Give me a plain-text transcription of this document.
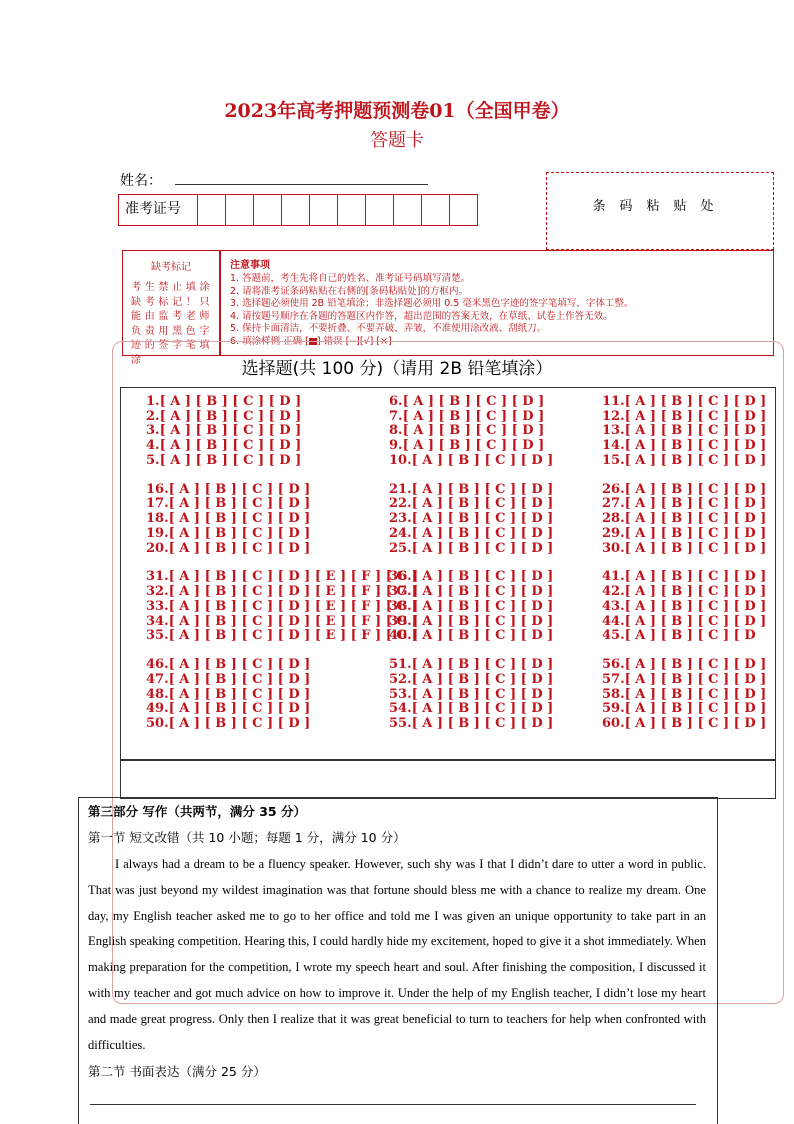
2023年高考押题预测卷01（全国甲卷）
答题卡
姓名：
准考证号	条码粘贴处
缺考标记
考生禁止填涂缺考标记！只能由监考老师负责用黑色字迹的签字笔填涂
注意事项
1. 答题前，考生先将自己的姓名、准考证号码填写清楚。
2. 请将准考证条码粘贴在右侧的[条码粘贴处]的方框内。
3. 选择题必须使用 2B 铅笔填涂；非选择题必须用 0.5 毫米黑色字迹的签字笔填写，字体工整。
4. 请按题号顺序在各题的答题区内作答，超出范围的答案无效，在草纸、试卷上作答无效。
5. 保持卡面清洁，不要折叠、不要弄破、弄皱，不准使用涂改液、刮纸刀。
6. 填涂样例 正确 [ ] 错误 [--][√] [×]
选择题(共 100 分)（请用 2B 铅笔填涂）
1.[ A ] [ B ] [ C ] [ D ]
2.[ A ] [ B ] [ C ] [ D ]
3.[ A ] [ B ] [ C ] [ D ]
4.[ A ] [ B ] [ C ] [ D ]
5.[ A ] [ B ] [ C ] [ D ]
16.[ A ] [ B ] [ C ] [ D ]
17.[ A ] [ B ] [ C ] [ D ]
18.[ A ] [ B ] [ C ] [ D ]
19.[ A ] [ B ] [ C ] [ D ]
20.[ A ] [ B ] [ C ] [ D ]
31.[ A ] [ B ] [ C ] [ D ] [ E ] [ F ] [ G ]
32.[ A ] [ B ] [ C ] [ D ] [ E ] [ F ] [ G ]
33.[ A ] [ B ] [ C ] [ D ] [ E ] [ F ] [ G ]
34.[ A ] [ B ] [ C ] [ D ] [ E ] [ F ] [ G ]
35.[ A ] [ B ] [ C ] [ D ] [ E ] [ F ] [ G ]
46.[ A ] [ B ] [ C ] [ D ]
47.[ A ] [ B ] [ C ] [ D ]
48.[ A ] [ B ] [ C ] [ D ]
49.[ A ] [ B ] [ C ] [ D ]
50.[ A ] [ B ] [ C ] [ D ]
6.[ A ] [ B ] [ C ] [ D ]
7.[ A ] [ B ] [ C ] [ D ]
8.[ A ] [ B ] [ C ] [ D ]
9.[ A ] [ B ] [ C ] [ D ]
10.[ A ] [ B ] [ C ] [ D ]
21.[ A ] [ B ] [ C ] [ D ]
22.[ A ] [ B ] [ C ] [ D ]
23.[ A ] [ B ] [ C ] [ D ]
24.[ A ] [ B ] [ C ] [ D ]
25.[ A ] [ B ] [ C ] [ D ]
36.[ A ] [ B ] [ C ] [ D ]
37.[ A ] [ B ] [ C ] [ D ]
38.[ A ] [ B ] [ C ] [ D ]
39.[ A ] [ B ] [ C ] [ D ]
40.[ A ] [ B ] [ C ] [ D ]
51.[ A ] [ B ] [ C ] [ D ]
52.[ A ] [ B ] [ C ] [ D ]
53.[ A ] [ B ] [ C ] [ D ]
54.[ A ] [ B ] [ C ] [ D ]
55.[ A ] [ B ] [ C ] [ D ]
11.[ A ] [ B ] [ C ] [ D ]
12.[ A ] [ B ] [ C ] [ D ]
13.[ A ] [ B ] [ C ] [ D ]
14.[ A ] [ B ] [ C ] [ D ]
15.[ A ] [ B ] [ C ] [ D ]
26.[ A ] [ B ] [ C ] [ D ]
27.[ A ] [ B ] [ C ] [ D ]
28.[ A ] [ B ] [ C ] [ D ]
29.[ A ] [ B ] [ C ] [ D ]
30.[ A ] [ B ] [ C ] [ D ]
41.[ A ] [ B ] [ C ] [ D ]
42.[ A ] [ B ] [ C ] [ D ]
43.[ A ] [ B ] [ C ] [ D ]
44.[ A ] [ B ] [ C ] [ D ]
45.[ A ] [ B ] [ C ] [ D
56.[ A ] [ B ] [ C ] [ D ]
57.[ A ] [ B ] [ C ] [ D ]
58.[ A ] [ B ] [ C ] [ D ]
59.[ A ] [ B ] [ C ] [ D ]
60.[ A ] [ B ] [ C ] [ D ]
第三部分 写作（共两节，满分 35 分）
第一节 短文改错（共 10 小题；每题 1 分，满分 10 分）
I always had a dream to be a fluency speaker. However, such shy was I that I didn’t dare to utter a word in public. That was just beyond my wildest imagination was that fortune should bless me with a chance to realize my dream. One day, my English teacher asked me to go to her office and told me I was given an unique opportunity to take part in an English speaking competition. Hearing this, I could hardly hide my excitement, hoped to give it a shot immediately. When making preparation for the competition, I wrote my speech heart and soul. After finishing the composition, I discussed it with my teacher and got much advice on how to improve it. Under the help of my English teacher, I didn’t lose my heart and made great progress. Only then I realize that it was great beneficial to turn to teachers for help when confronted with difficulties.
第二节 书面表达（满分 25 分）
